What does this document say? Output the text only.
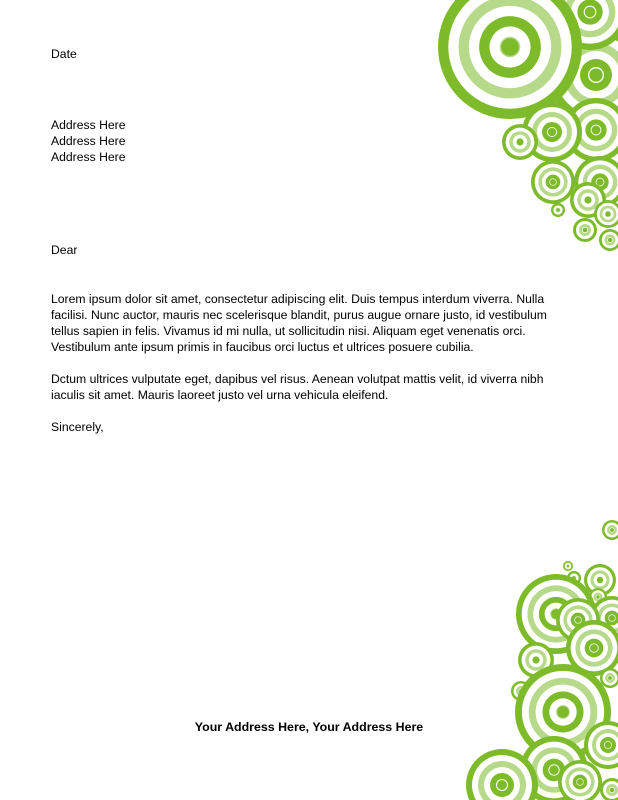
Date

Address Here
Address Here
Address Here

Dear

Lorem ipsum dolor sit amet, consectetur adipiscing elit. Duis tempus interdum viverra. Nulla facilisi. Nunc auctor, mauris nec scelerisque blandit, purus augue ornare justo, id vestibulum tellus sapien in felis. Vivamus id mi nulla, ut sollicitudin nisi. Aliquam eget venenatis orci. Vestibulum ante ipsum primis in faucibus orci luctus et ultrices posuere cubilia.

Dctum ultrices vulputate eget, dapibus vel risus. Aenean volutpat mattis velit, id viverra nibh iaculis sit amet. Mauris laoreet justo vel urna vehicula eleifend.

Sincerely,

Your Address Here, Your Address Here
